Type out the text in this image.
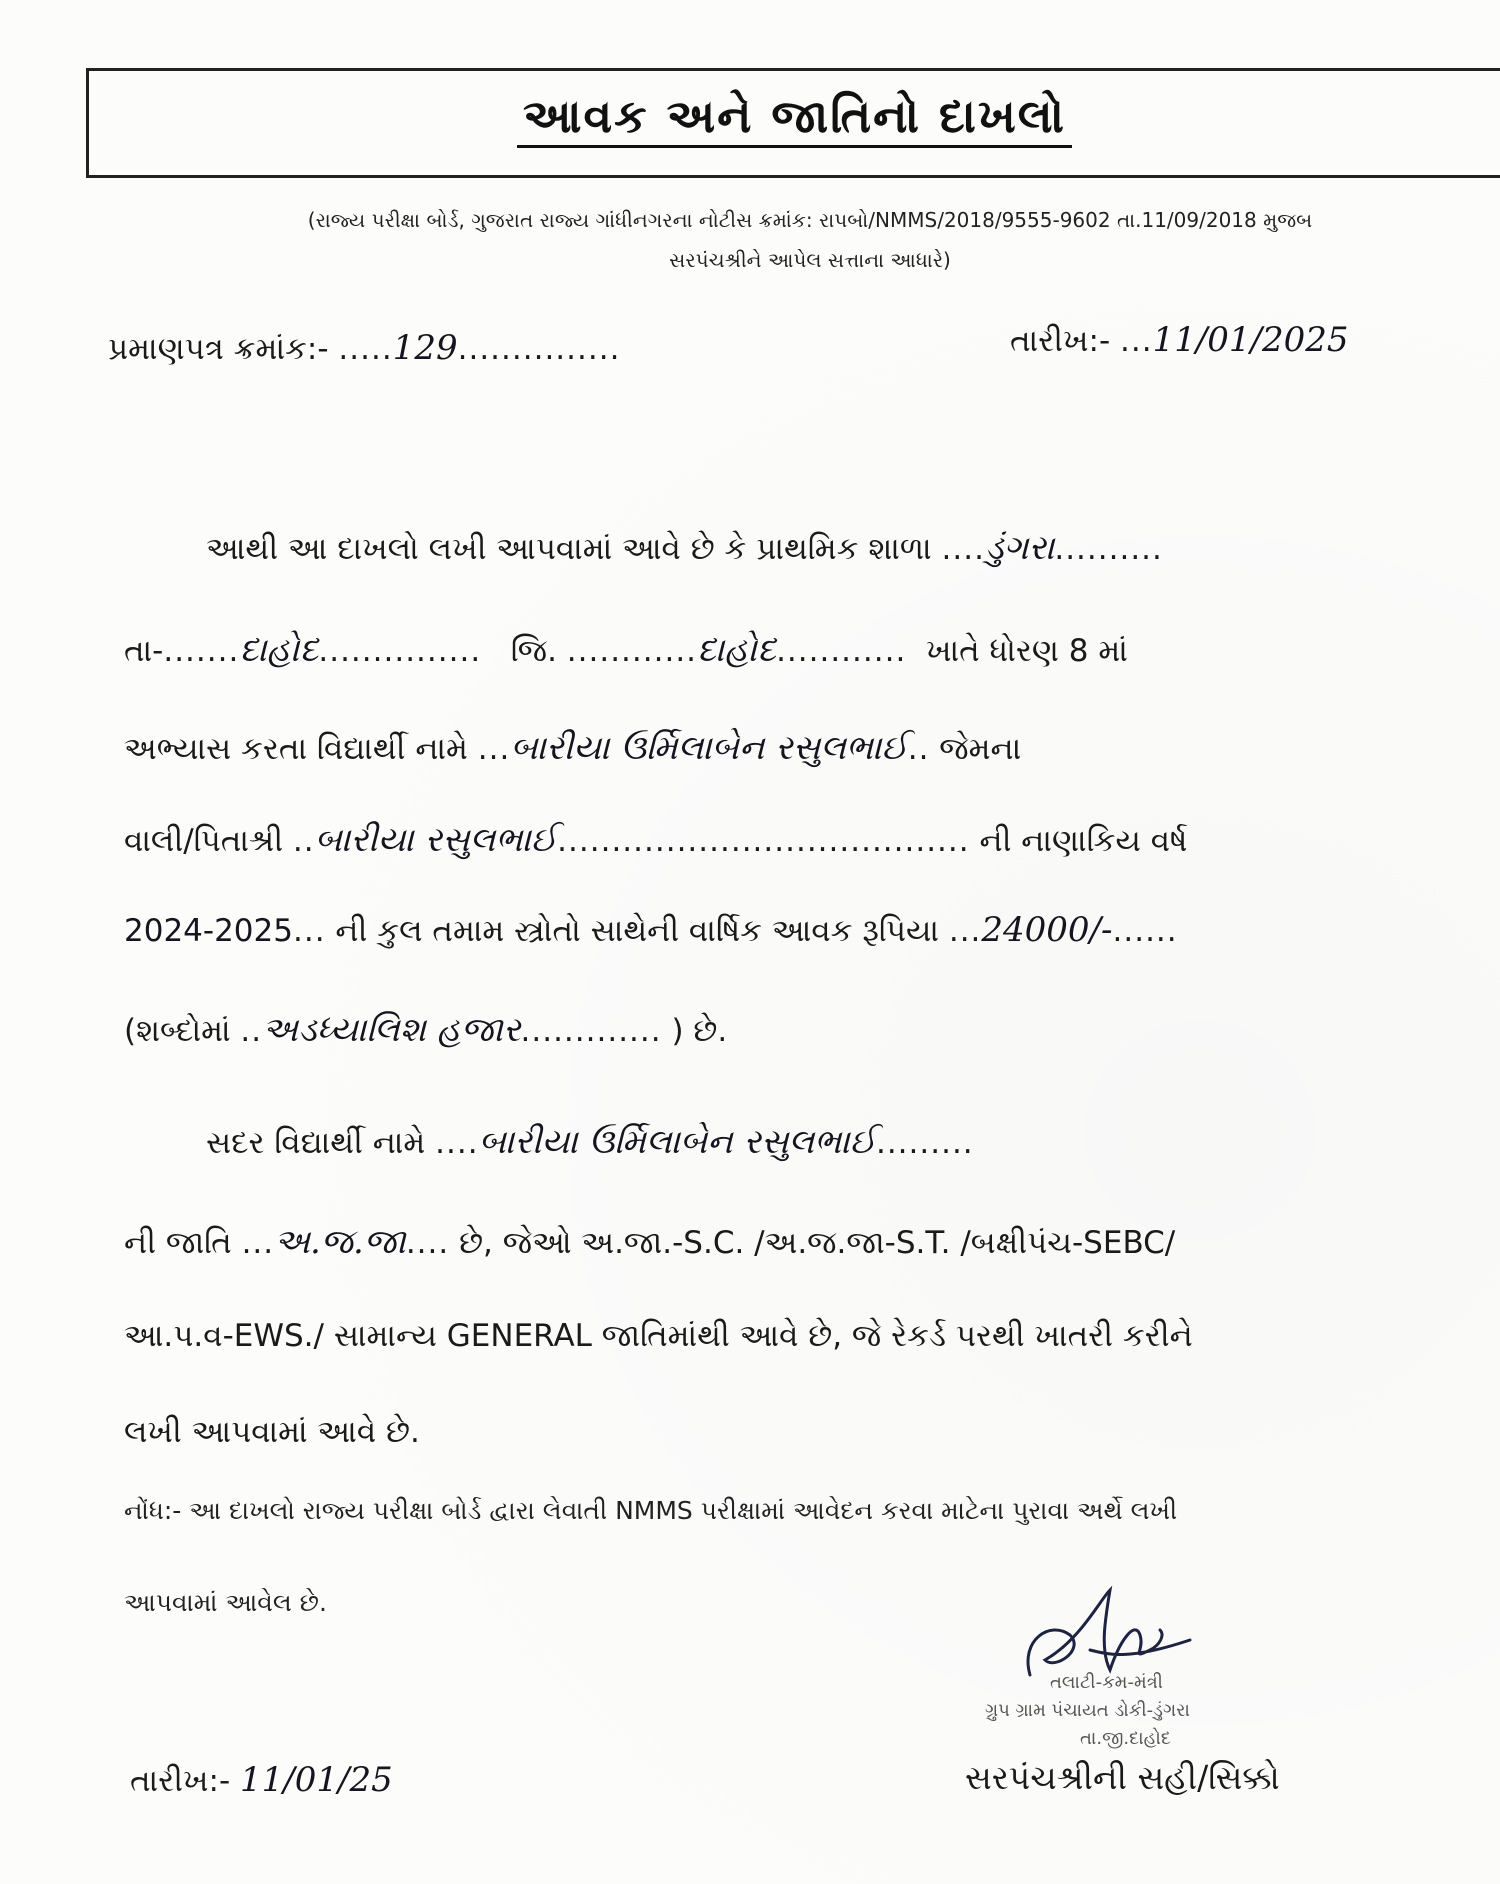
આવક અને જાતિનો દાખલો
(રાજ્ય પરીક્ષા બોર્ડ, ગુજરાત રાજ્ય ગાંધીનગરના નોટીસ ક્રમાંક: રાપબો/NMMS/2018/9555-9602 તા.11/09/2018 મુજબ
સરપંચશ્રીને આપેલ સત્તાના આધારે)
પ્રમાણપત્ર ક્રમાંક:- .....129...............	તારીખ:- ...11/01/2025
આથી આ દાખલો લખી આપવામાં આવે છે કે પ્રાથમિક શાળા ....ડુંગરા..........
તા-.......દાહોદ............... જિ. ............દાહોદ............ ખાતે ધોરણ 8 માં
અભ્યાસ કરતા વિદ્યાર્થી નામે ...બારીયા ઉર્મિલાબેન રસુલભાઈ.. જેમના
વાલી/પિતાશ્રી ..બારીયા રસુલભાઈ...................................... ની નાણાકિય વર્ષ
2024-2025... ની કુલ તમામ સ્ત્રોતો સાથેની વાર્ષિક આવક રૂપિયા ...24000/-......
(શબ્દોમાં ..અડધ્યાલિશ હજાર............. ) છે.
સદર વિદ્યાર્થી નામે ....બારીયા ઉર્મિલાબેન રસુલભાઈ.........
ની જાતિ ...અ.જ.જા.... છે, જેઓ અ.જા.-S.C. /અ.જ.જા-S.T. /બક્ષીપંચ-SEBC/
આ.પ.વ-EWS./ સામાન્ય GENERAL જાતિમાંથી આવે છે, જે રેકર્ડ પરથી ખાતરી કરીને
લખી આપવામાં આવે છે.
નોંધ:- આ દાખલો રાજ્ય પરીક્ષા બોર્ડ દ્વારા લેવાતી NMMS પરીક્ષામાં આવેદન કરવા માટેના પુરાવા અર્થે લખી
આપવામાં આવેલ છે.
તલાટી-કમ-મંત્રી
ગ્રુપ ગ્રામ પંચાયત ડોકી-ડુંગરા
તા.જી.દાહોદ
સરપંચશ્રીની સહી/સિક્કો
તારીખ:- 11/01/25
